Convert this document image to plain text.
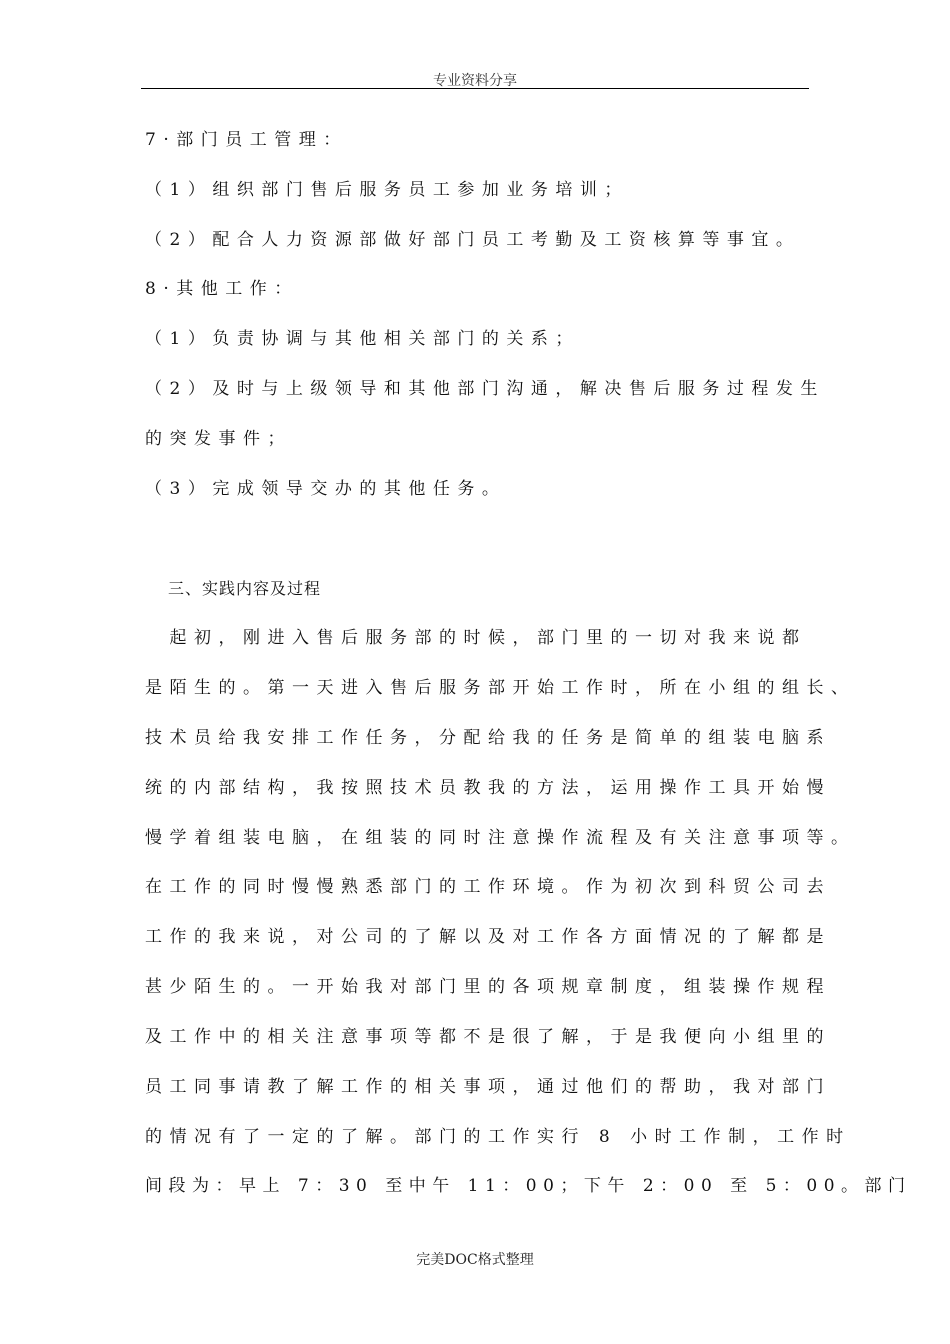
专业资料分享
7·部门员工管理：
（1）组织部门售后服务员工参加业务培训；
（2）配合人力资源部做好部门员工考勤及工资核算等事宜。
8·其他工作：
（1）负责协调与其他相关部门的关系；
（2）及时与上级领导和其他部门沟通，解决售后服务过程发生
的突发事件；
（3）完成领导交办的其他任务。
三、实践内容及过程
　起初，刚进入售后服务部的时候，部门里的一切对我来说都
是陌生的。第一天进入售后服务部开始工作时，所在小组的组长、
技术员给我安排工作任务，分配给我的任务是简单的组装电脑系
统的内部结构，我按照技术员教我的方法，运用操作工具开始慢
慢学着组装电脑，在组装的同时注意操作流程及有关注意事项等。
在工作的同时慢慢熟悉部门的工作环境。作为初次到科贸公司去
工作的我来说，对公司的了解以及对工作各方面情况的了解都是
甚少陌生的。一开始我对部门里的各项规章制度，组装操作规程
及工作中的相关注意事项等都不是很了解，于是我便向小组里的
员工同事请教了解工作的相关事项，通过他们的帮助，我对部门
的情况有了一定的了解。部门的工作实行 8 小时工作制，工作时
间段为：早上 7：30 至中午 11：00；下午 2：00 至 5：00。部门
完美DOC格式整理
